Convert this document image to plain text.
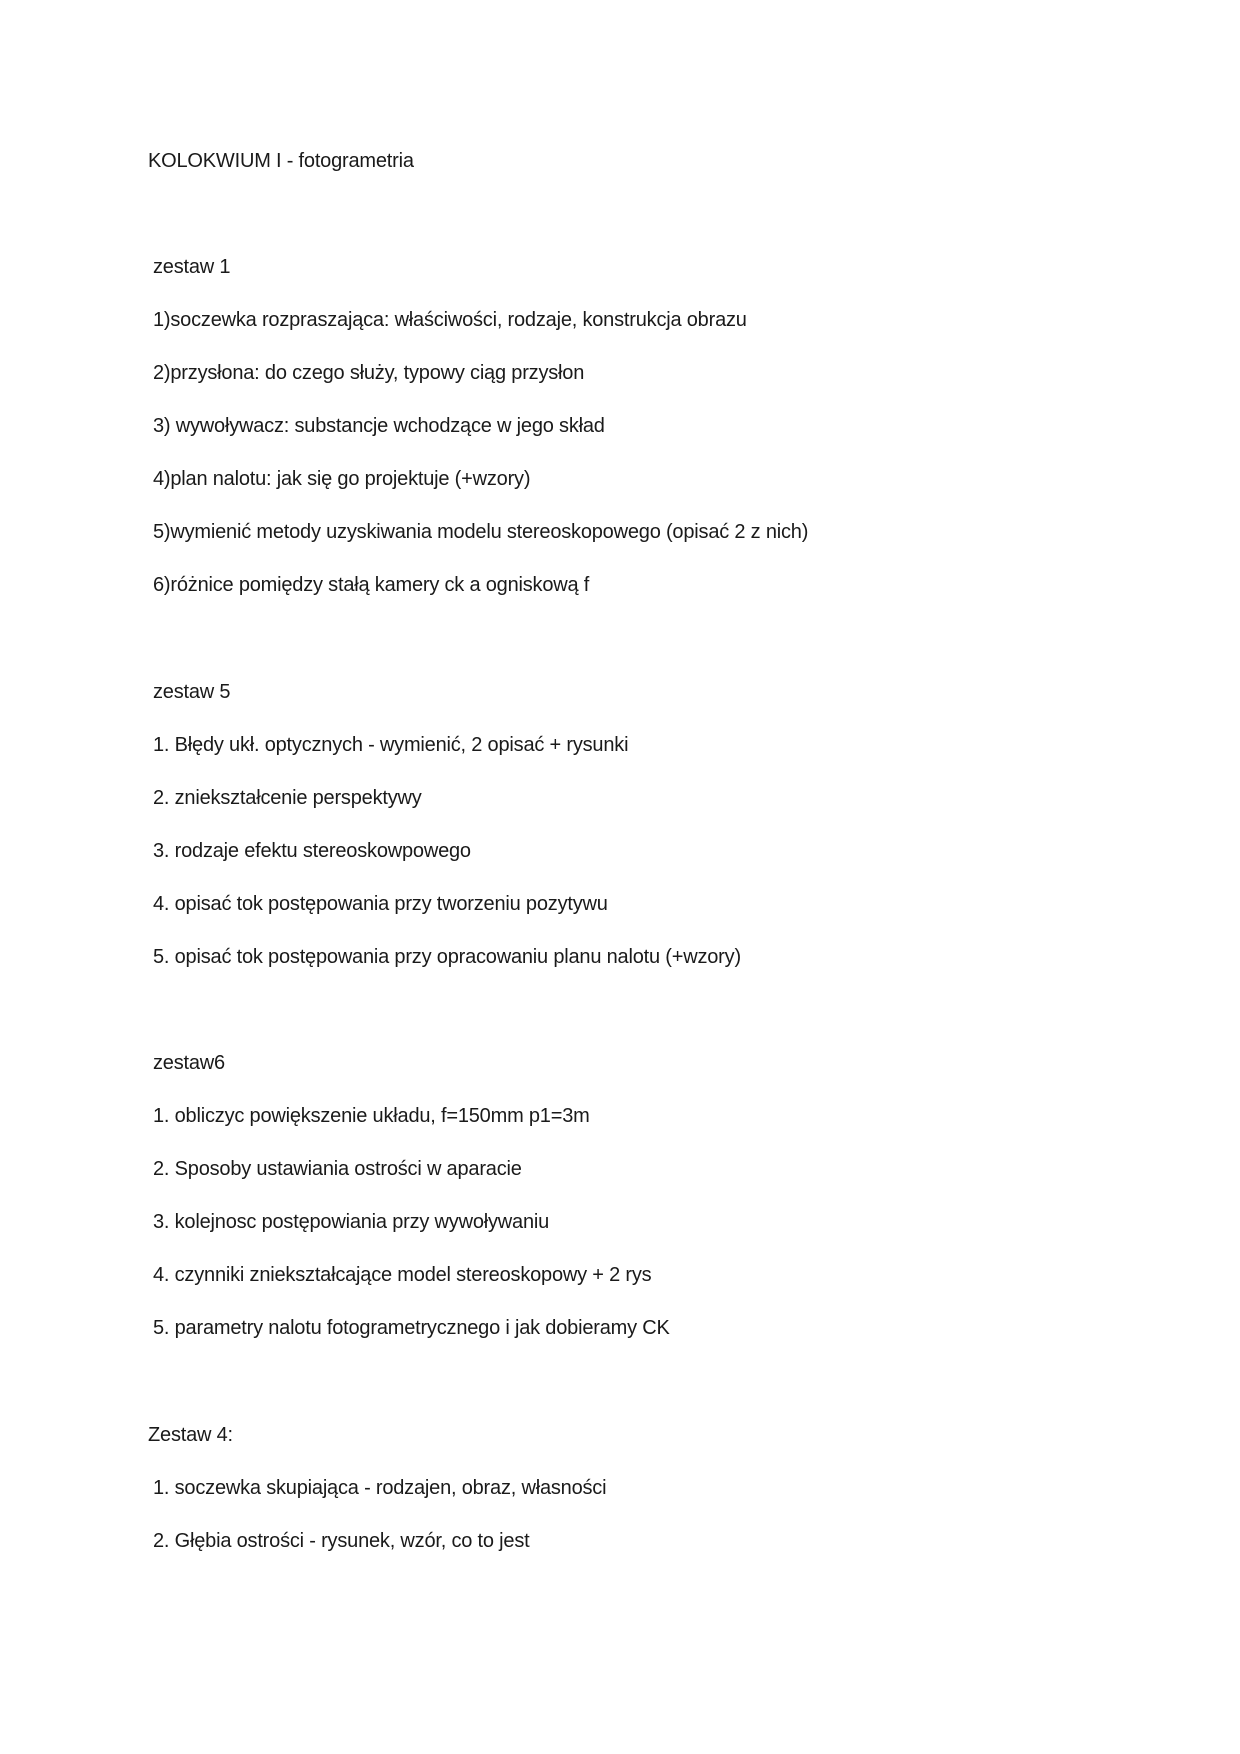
KOLOKWIUM I - fotogrametria
zestaw 1
1)soczewka rozpraszająca: właściwości, rodzaje, konstrukcja obrazu
2)przysłona: do czego służy, typowy ciąg przysłon
3) wywoływacz: substancje wchodzące w jego skład
4)plan nalotu: jak się go projektuje (+wzory)
5)wymienić metody uzyskiwania modelu stereoskopowego (opisać 2 z nich)
6)różnice pomiędzy stałą kamery ck a ogniskową f
zestaw 5
1. Błędy ukł. optycznych - wymienić, 2 opisać + rysunki
2. zniekształcenie perspektywy
3. rodzaje efektu stereoskowpowego
4. opisać tok postępowania przy tworzeniu pozytywu
5. opisać tok postępowania przy opracowaniu planu nalotu (+wzory)
zestaw6
1. obliczyc powiększenie układu, f=150mm p1=3m
2. Sposoby ustawiania ostrości w aparacie
3. kolejnosc postępowiania przy wywoływaniu
4. czynniki zniekształcające model stereoskopowy + 2 rys
5. parametry nalotu fotogrametrycznego i jak dobieramy CK
Zestaw 4:
1. soczewka skupiająca - rodzajen, obraz, własności
2. Głębia ostrości - rysunek, wzór, co to jest
